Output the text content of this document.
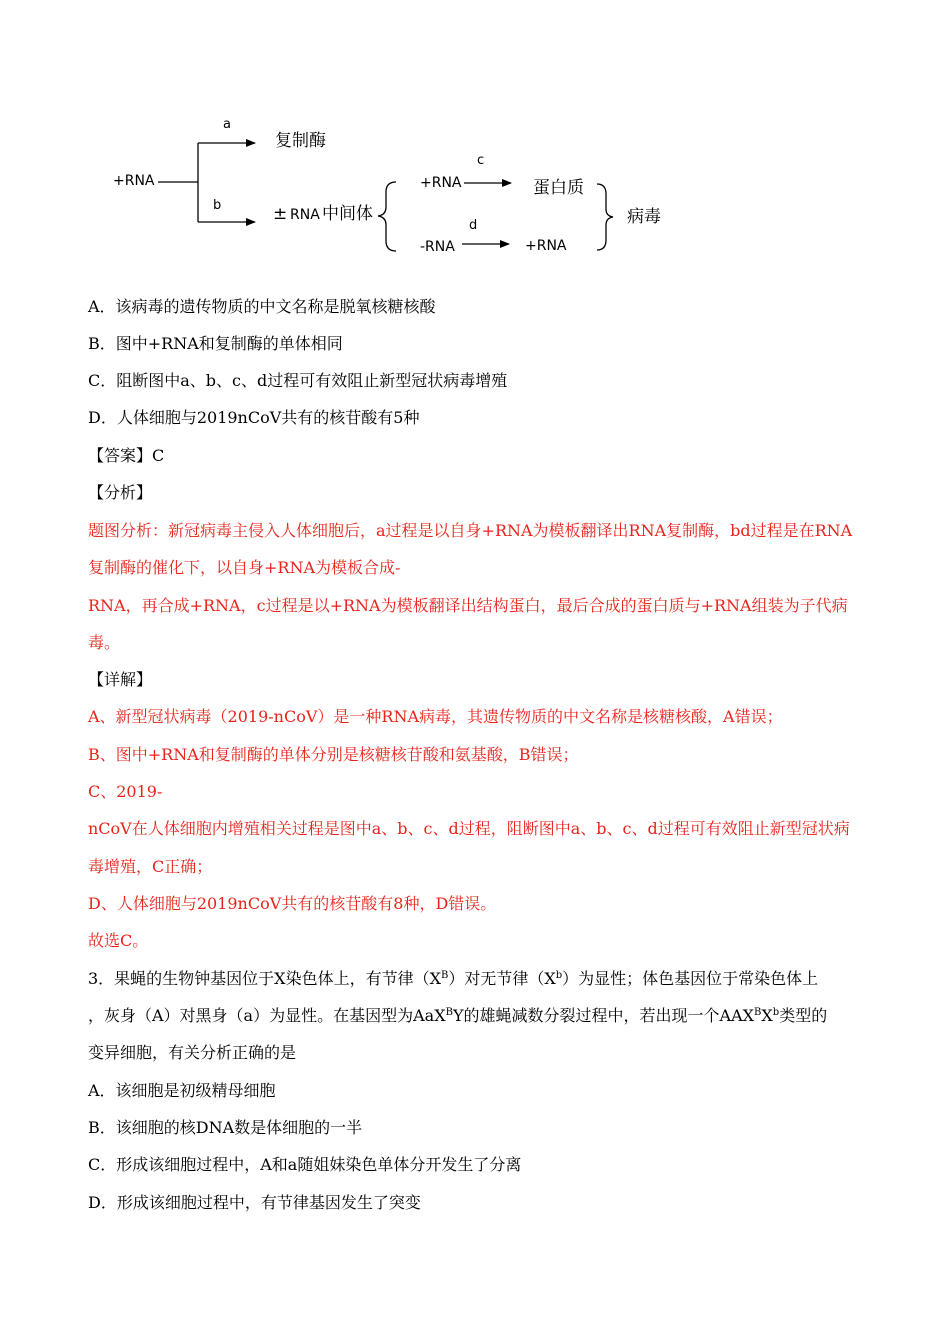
+RNA
a
b
复制酶
± RNA 中间体
+RNA
c
蛋白质
-RNA
d
+RNA
病毒
A．该病毒的遗传物质的中文名称是脱氧核糖核酸
B．图中+RNA和复制酶的单体相同
C．阻断图中a、b、c、d过程可有效阻止新型冠状病毒增殖
D．人体细胞与2019nCoV共有的核苷酸有5种
【答案】C
【分析】
题图分析：新冠病毒主侵入人体细胞后，a过程是以自身+RNA为模板翻译出RNA复制酶，bd过程是在RNA
复制酶的催化下，以自身+RNA为模板合成-
RNA，再合成+RNA，c过程是以+RNA为模板翻译出结构蛋白，最后合成的蛋白质与+RNA组装为子代病
毒。
【详解】
A、新型冠状病毒（2019-nCoV）是一种RNA病毒，其遗传物质的中文名称是核糖核酸，A错误；
B、图中+RNA和复制酶的单体分别是核糖核苷酸和氨基酸，B错误；
C、2019-
nCoV在人体细胞内增殖相关过程是图中a、b、c、d过程，阻断图中a、b、c、d过程可有效阻止新型冠状病
毒增殖，C正确；
D、人体细胞与2019nCoV共有的核苷酸有8种，D错误。
故选C。
3．果蝇的生物钟基因位于X染色体上，有节律$(X^B)$对无节律$(X^b)$为显性；体色基因位于常染色体上
，灰身（A）对黑身（a）为显性。在基因型为AaX$^B$Y的雄蝇减数分裂过程中，若出现一个$AAX^BX^b$类型的
变异细胞，有关分析正确的是
A．该细胞是初级精母细胞
B．该细胞的核DNA数是体细胞的一半
C．形成该细胞过程中，A和a随姐妹染色单体分开发生了分离
D．形成该细胞过程中，有节律基因发生了突变
